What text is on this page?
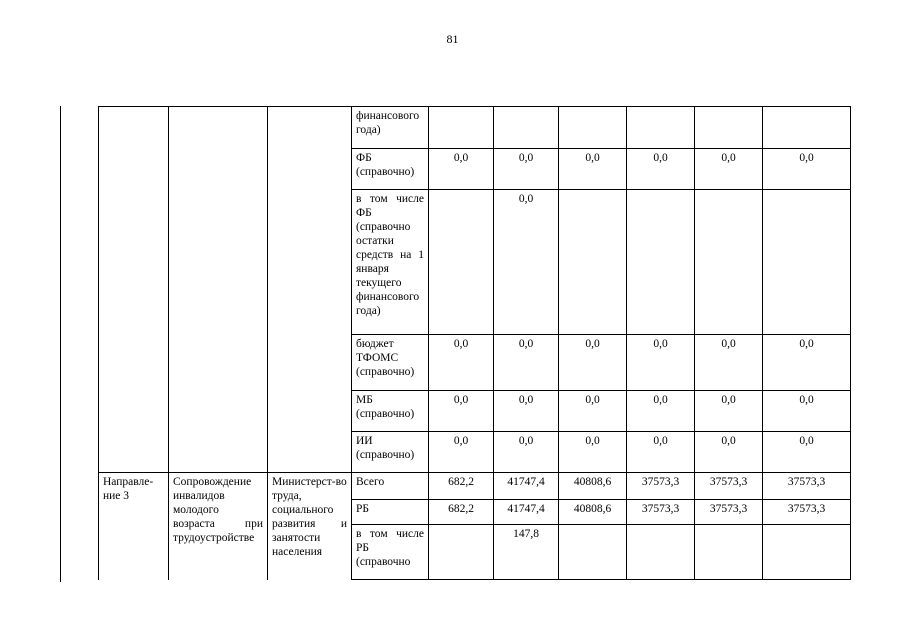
81
			финансового года)						
			ФБ (справочно)	0,0	0,0	0,0	0,0	0,0	0,0
			в том числе ФБ (справочно остатки средств на 1 января текущего финансового года)		0,0				
			бюджет ТФОМС (справочно)	0,0	0,0	0,0	0,0	0,0	0,0
			МБ (справочно)	0,0	0,0	0,0	0,0	0,0	0,0
			ИИ (справочно)	0,0	0,0	0,0	0,0	0,0	0,0
Направле-ние 3	Сопровождение инвалидов молодого возраста при трудоустройстве	Министерст-во труда, социального развития и занятости населения	Всего	682,2	41747,4	40808,6	37573,3	37573,3	37573,3
			РБ	682,2	41747,4	40808,6	37573,3	37573,3	37573,3
			в том числе РБ (справочно		147,8				
